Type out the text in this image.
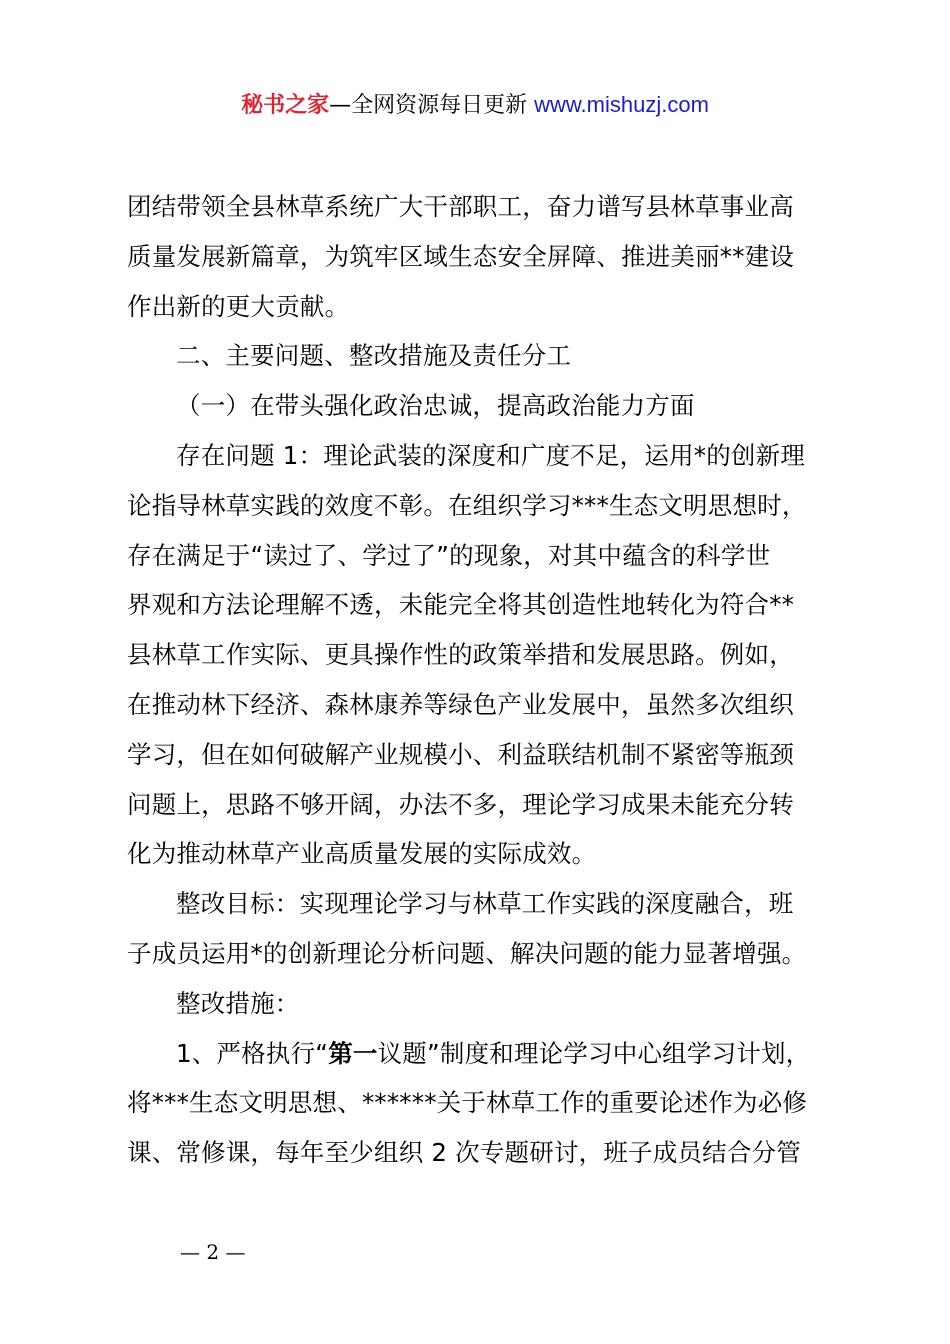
秘书之家—全网资源每日更新 www.mishuzj.com
团结带领全县林草系统广大干部职工，奋力谱写县林草事业高
质量发展新篇章，为筑牢区域生态安全屏障、推进美丽**建设
作出新的更大贡献。
二、主要问题、整改措施及责任分工
（一）在带头强化政治忠诚，提高政治能力方面
存在问题 1：理论武装的深度和广度不足，运用*的创新理
论指导林草实践的效度不彰。在组织学习***生态文明思想时，
存在满足于“读过了、学过了”的现象，对其中蕴含的科学世
界观和方法论理解不透，未能完全将其创造性地转化为符合**
县林草工作实际、更具操作性的政策举措和发展思路。例如，
在推动林下经济、森林康养等绿色产业发展中，虽然多次组织
学习，但在如何破解产业规模小、利益联结机制不紧密等瓶颈
问题上，思路不够开阔，办法不多，理论学习成果未能充分转
化为推动林草产业高质量发展的实际成效。
整改目标：实现理论学习与林草工作实践的深度融合，班
子成员运用*的创新理论分析问题、解决问题的能力显著增强。
整改措施：
1、严格执行“第一议题”制度和理论学习中心组学习计划，
将***生态文明思想、******关于林草工作的重要论述作为必修
课、常修课，每年至少组织 2 次专题研讨，班子成员结合分管
— 2 —
